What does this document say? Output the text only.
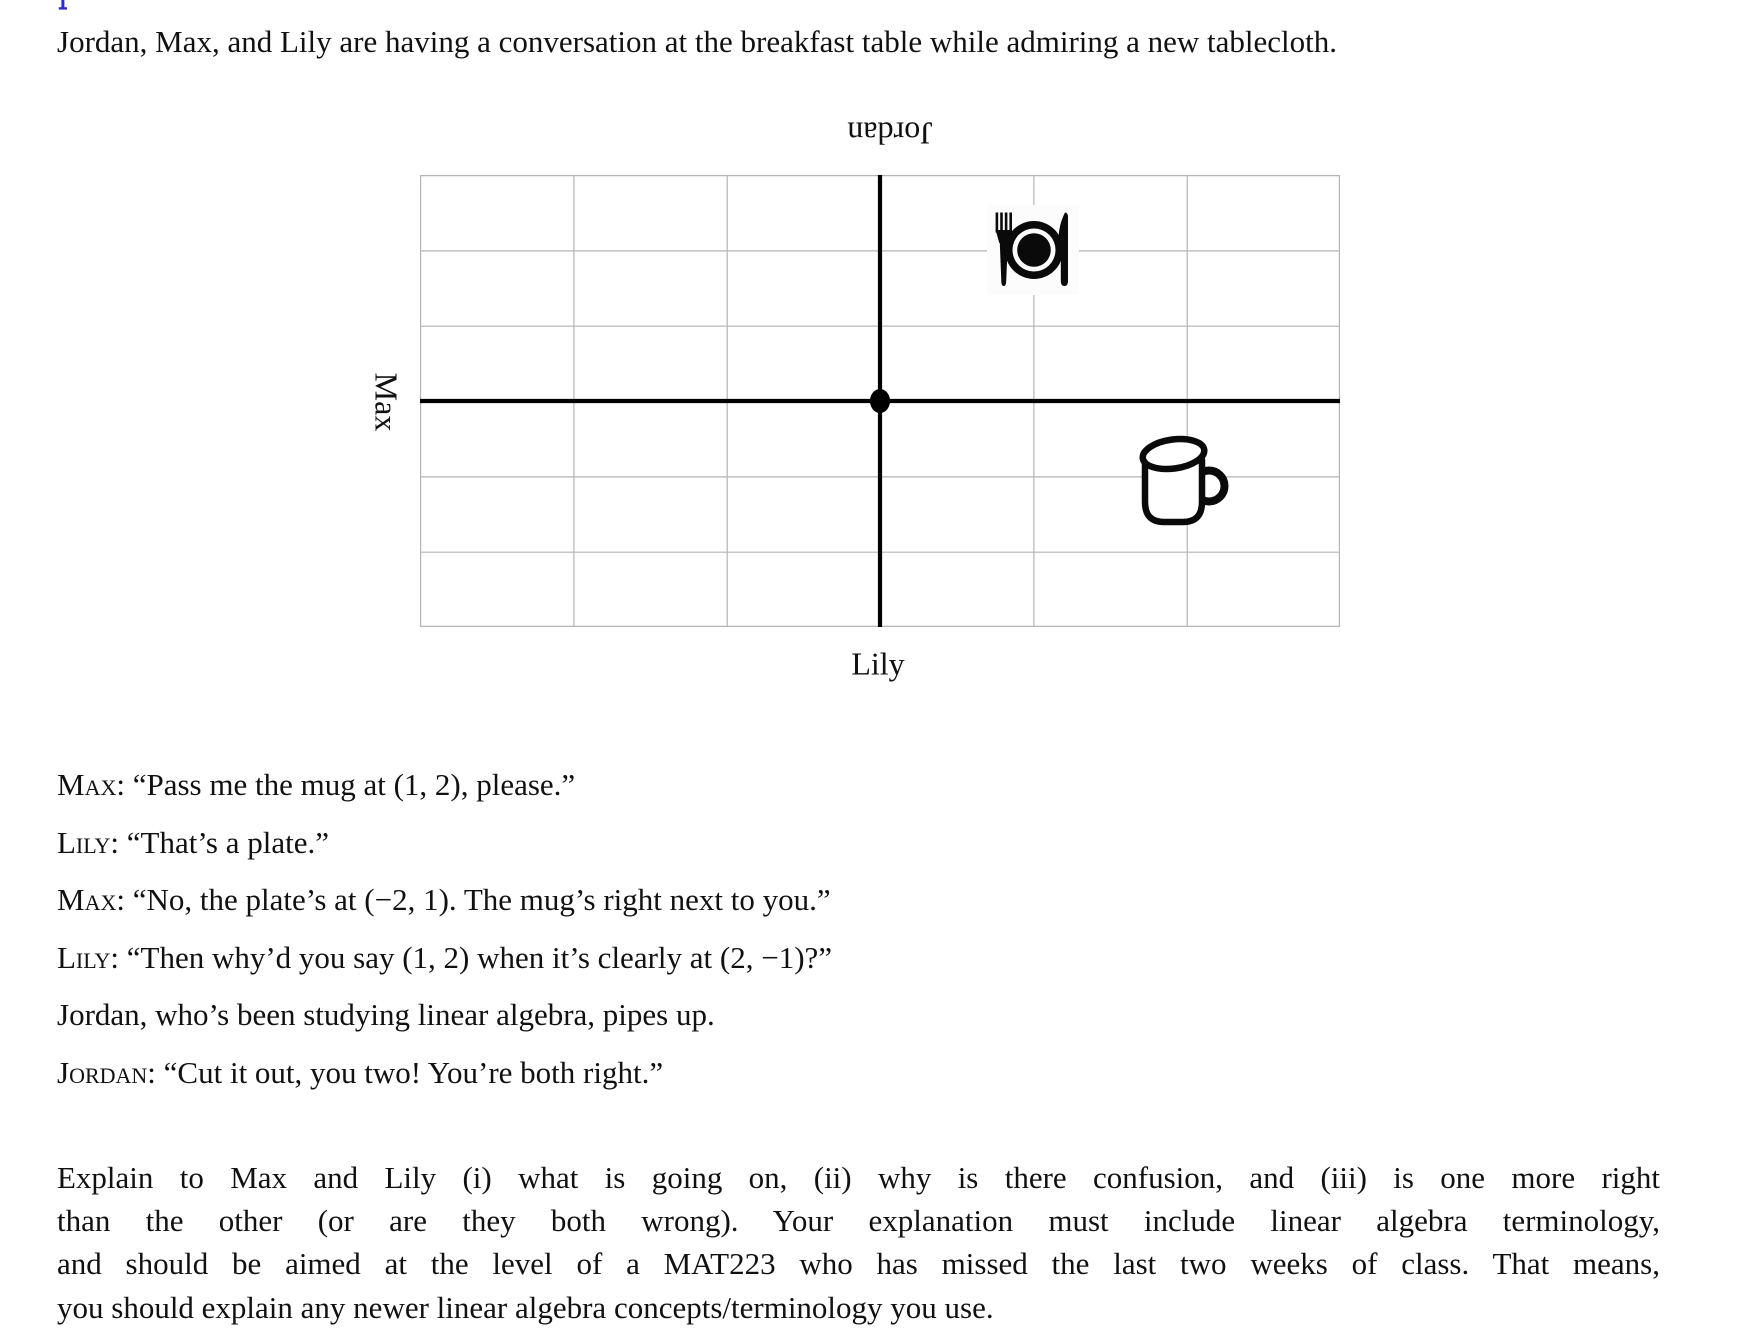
Jordan, Max, and Lily are having a conversation at the breakfast table while admiring a new tablecloth.
Jordan
Max
Lily
Max: “Pass me the mug at (1, 2), please.”
Lily: “That’s a plate.”
Max: “No, the plate’s at (−2, 1). The mug’s right next to you.”
Lily: “Then why’d you say (1, 2) when it’s clearly at (2, −1)?”
Jordan, who’s been studying linear algebra, pipes up.
Jordan: “Cut it out, you two! You’re both right.”
Explain to Max and Lily (i) what is going on, (ii) why is there confusion, and (iii) is one more right
than the other (or are they both wrong). Your explanation must include linear algebra terminology,
and should be aimed at the level of a MAT223 who has missed the last two weeks of class. That means,
you should explain any newer linear algebra concepts/terminology you use.
